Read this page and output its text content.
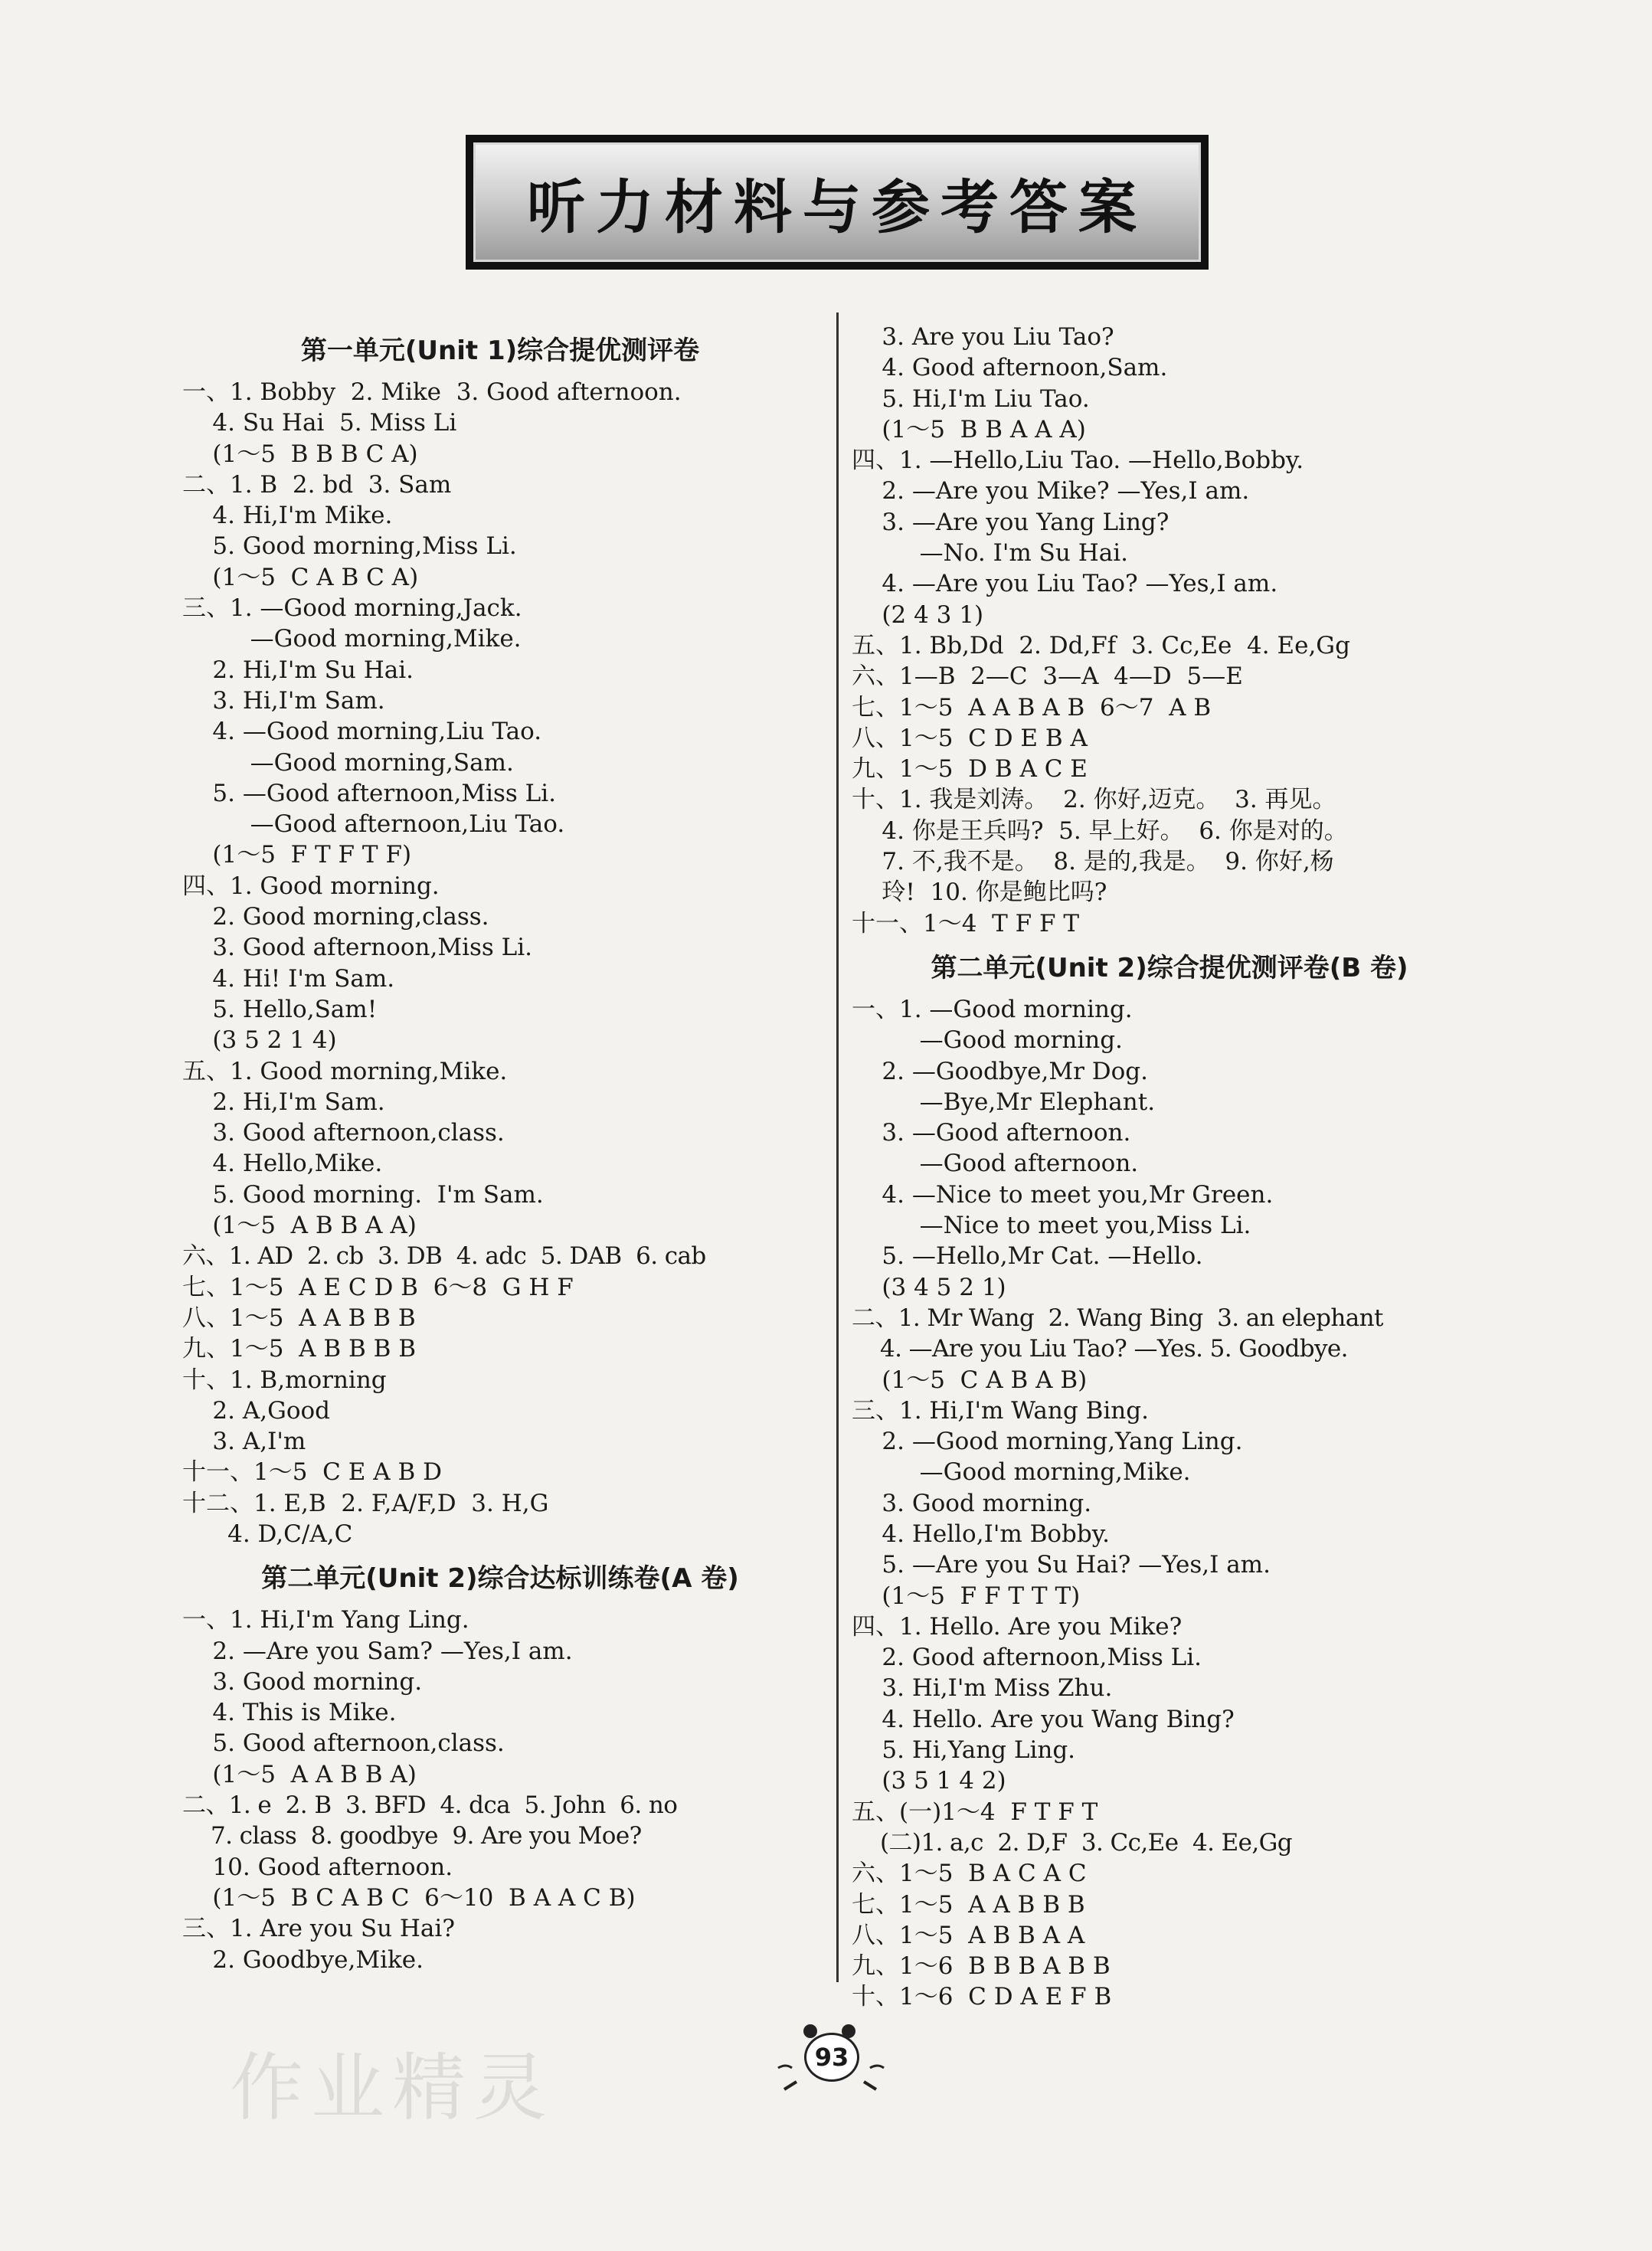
听力材料与参考答案
第一单元(Unit 1)综合提优测评卷
一、1. Bobby  2. Mike  3. Good afternoon.
4. Su Hai  5. Miss Li
(1～5  B B B C A)
二、1. B  2. bd  3. Sam
4. Hi,I'm Mike.
5. Good morning,Miss Li.
(1～5  C A B C A)
三、1. —Good morning,Jack.
—Good morning,Mike.
2. Hi,I'm Su Hai.
3. Hi,I'm Sam.
4. —Good morning,Liu Tao.
—Good morning,Sam.
5. —Good afternoon,Miss Li.
—Good afternoon,Liu Tao.
(1～5  F T F T F)
四、1. Good morning.
2. Good morning,class.
3. Good afternoon,Miss Li.
4. Hi! I'm Sam.
5. Hello,Sam!
(3 5 2 1 4)
五、1. Good morning,Mike.
2. Hi,I'm Sam.
3. Good afternoon,class.
4. Hello,Mike.
5. Good morning.  I'm Sam.
(1～5  A B B A A)
六、1. AD  2. cb  3. DB  4. adc  5. DAB  6. cab
七、1～5  A E C D B  6～8  G H F
八、1～5  A A B B B
九、1～5  A B B B B
十、1. B,morning
2. A,Good
3. A,I'm
十一、1～5  C E A B D
十二、1. E,B  2. F,A/F,D  3. H,G
4. D,C/A,C
第二单元(Unit 2)综合达标训练卷(A 卷)
一、1. Hi,I'm Yang Ling.
2. —Are you Sam? —Yes,I am.
3. Good morning.
4. This is Mike.
5. Good afternoon,class.
(1～5  A A B B A)
二、1. e  2. B  3. BFD  4. dca  5. John  6. no
7. class  8. goodbye  9. Are you Moe?
10. Good afternoon.
(1～5  B C A B C  6～10  B A A C B)
三、1. Are you Su Hai?
2. Goodbye,Mike.
3. Are you Liu Tao?
4. Good afternoon,Sam.
5. Hi,I'm Liu Tao.
(1～5  B B A A A)
四、1. —Hello,Liu Tao. —Hello,Bobby.
2. —Are you Mike? —Yes,I am.
3. —Are you Yang Ling?
—No. I'm Su Hai.
4. —Are you Liu Tao? —Yes,I am.
(2 4 3 1)
五、1. Bb,Dd  2. Dd,Ff  3. Cc,Ee  4. Ee,Gg
六、1—B  2—C  3—A  4—D  5—E
七、1～5  A A B A B  6～7  A B
八、1～5  C D E B A
九、1～5  D B A C E
十、1. 我是刘涛。  2. 你好,迈克。  3. 再见。
4. 你是王兵吗?  5. 早上好。  6. 你是对的。
7. 不,我不是。  8. 是的,我是。  9. 你好,杨
玲!  10. 你是鲍比吗?
十一、1～4  T F F T
第二单元(Unit 2)综合提优测评卷(B 卷)
一、1. —Good morning.
—Good morning.
2. —Goodbye,Mr Dog.
—Bye,Mr Elephant.
3. —Good afternoon.
—Good afternoon.
4. —Nice to meet you,Mr Green.
—Nice to meet you,Miss Li.
5. —Hello,Mr Cat. —Hello.
(3 4 5 2 1)
二、1. Mr Wang  2. Wang Bing  3. an elephant
4. —Are you Liu Tao? —Yes. 5. Goodbye.
(1～5  C A B A B)
三、1. Hi,I'm Wang Bing.
2. —Good morning,Yang Ling.
—Good morning,Mike.
3. Good morning.
4. Hello,I'm Bobby.
5. —Are you Su Hai? —Yes,I am.
(1～5  F F T T T)
四、1. Hello. Are you Mike?
2. Good afternoon,Miss Li.
3. Hi,I'm Miss Zhu.
4. Hello. Are you Wang Bing?
5. Hi,Yang Ling.
(3 5 1 4 2)
五、(一)1～4  F T F T
(二)1. a,c  2. D,F  3. Cc,Ee  4. Ee,Gg
六、1～5  B A C A C
七、1～5  A A B B B
八、1～5  A B B A A
九、1～6  B B B A B B
十、1～6  C D A E F B
93
作业精灵
